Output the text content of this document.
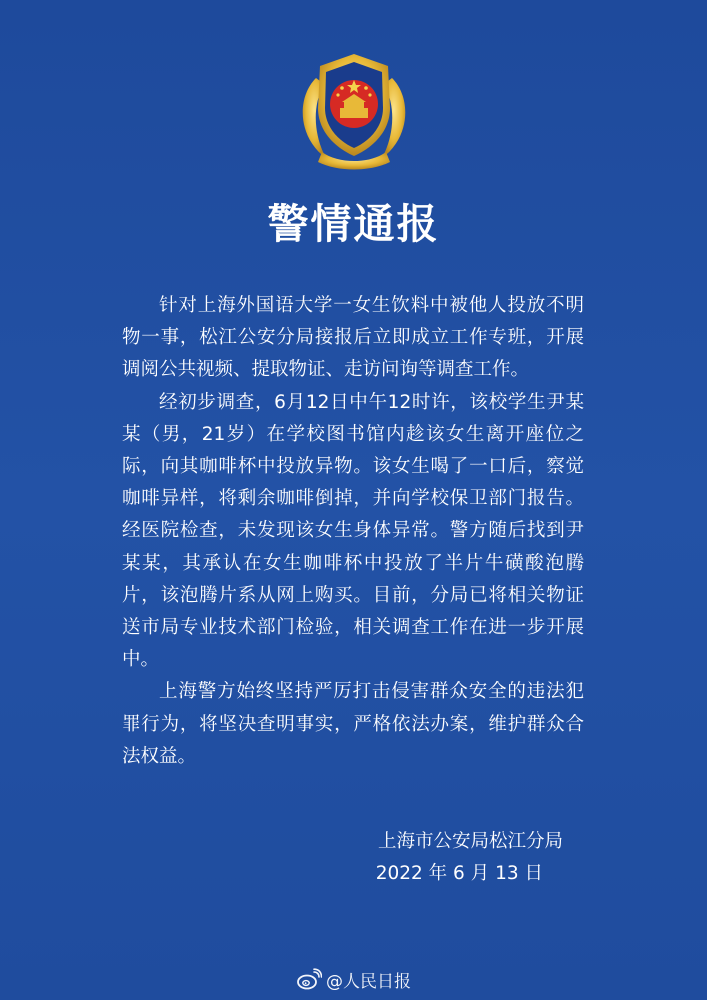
警情通报

针对上海外国语大学一女生饮料中被他人投放不明物一事，松江公安分局接报后立即成立工作专班，开展调阅公共视频、提取物证、走访问询等调查工作。

经初步调查，6月12日中午12时许，该校学生尹某某（男，21岁）在学校图书馆内趁该女生离开座位之际，向其咖啡杯中投放异物。该女生喝了一口后，察觉咖啡异样，将剩余咖啡倒掉，并向学校保卫部门报告。经医院检查，未发现该女生身体异常。警方随后找到尹某某，其承认在女生咖啡杯中投放了半片牛磺酸泡腾片，该泡腾片系从网上购买。目前，分局已将相关物证送市局专业技术部门检验，相关调查工作在进一步开展中。

上海警方始终坚持严厉打击侵害群众安全的违法犯罪行为，将坚决查明事实，严格依法办案，维护群众合法权益。

上海市公安局松江分局
2022 年 6 月 13 日
@人民日报
